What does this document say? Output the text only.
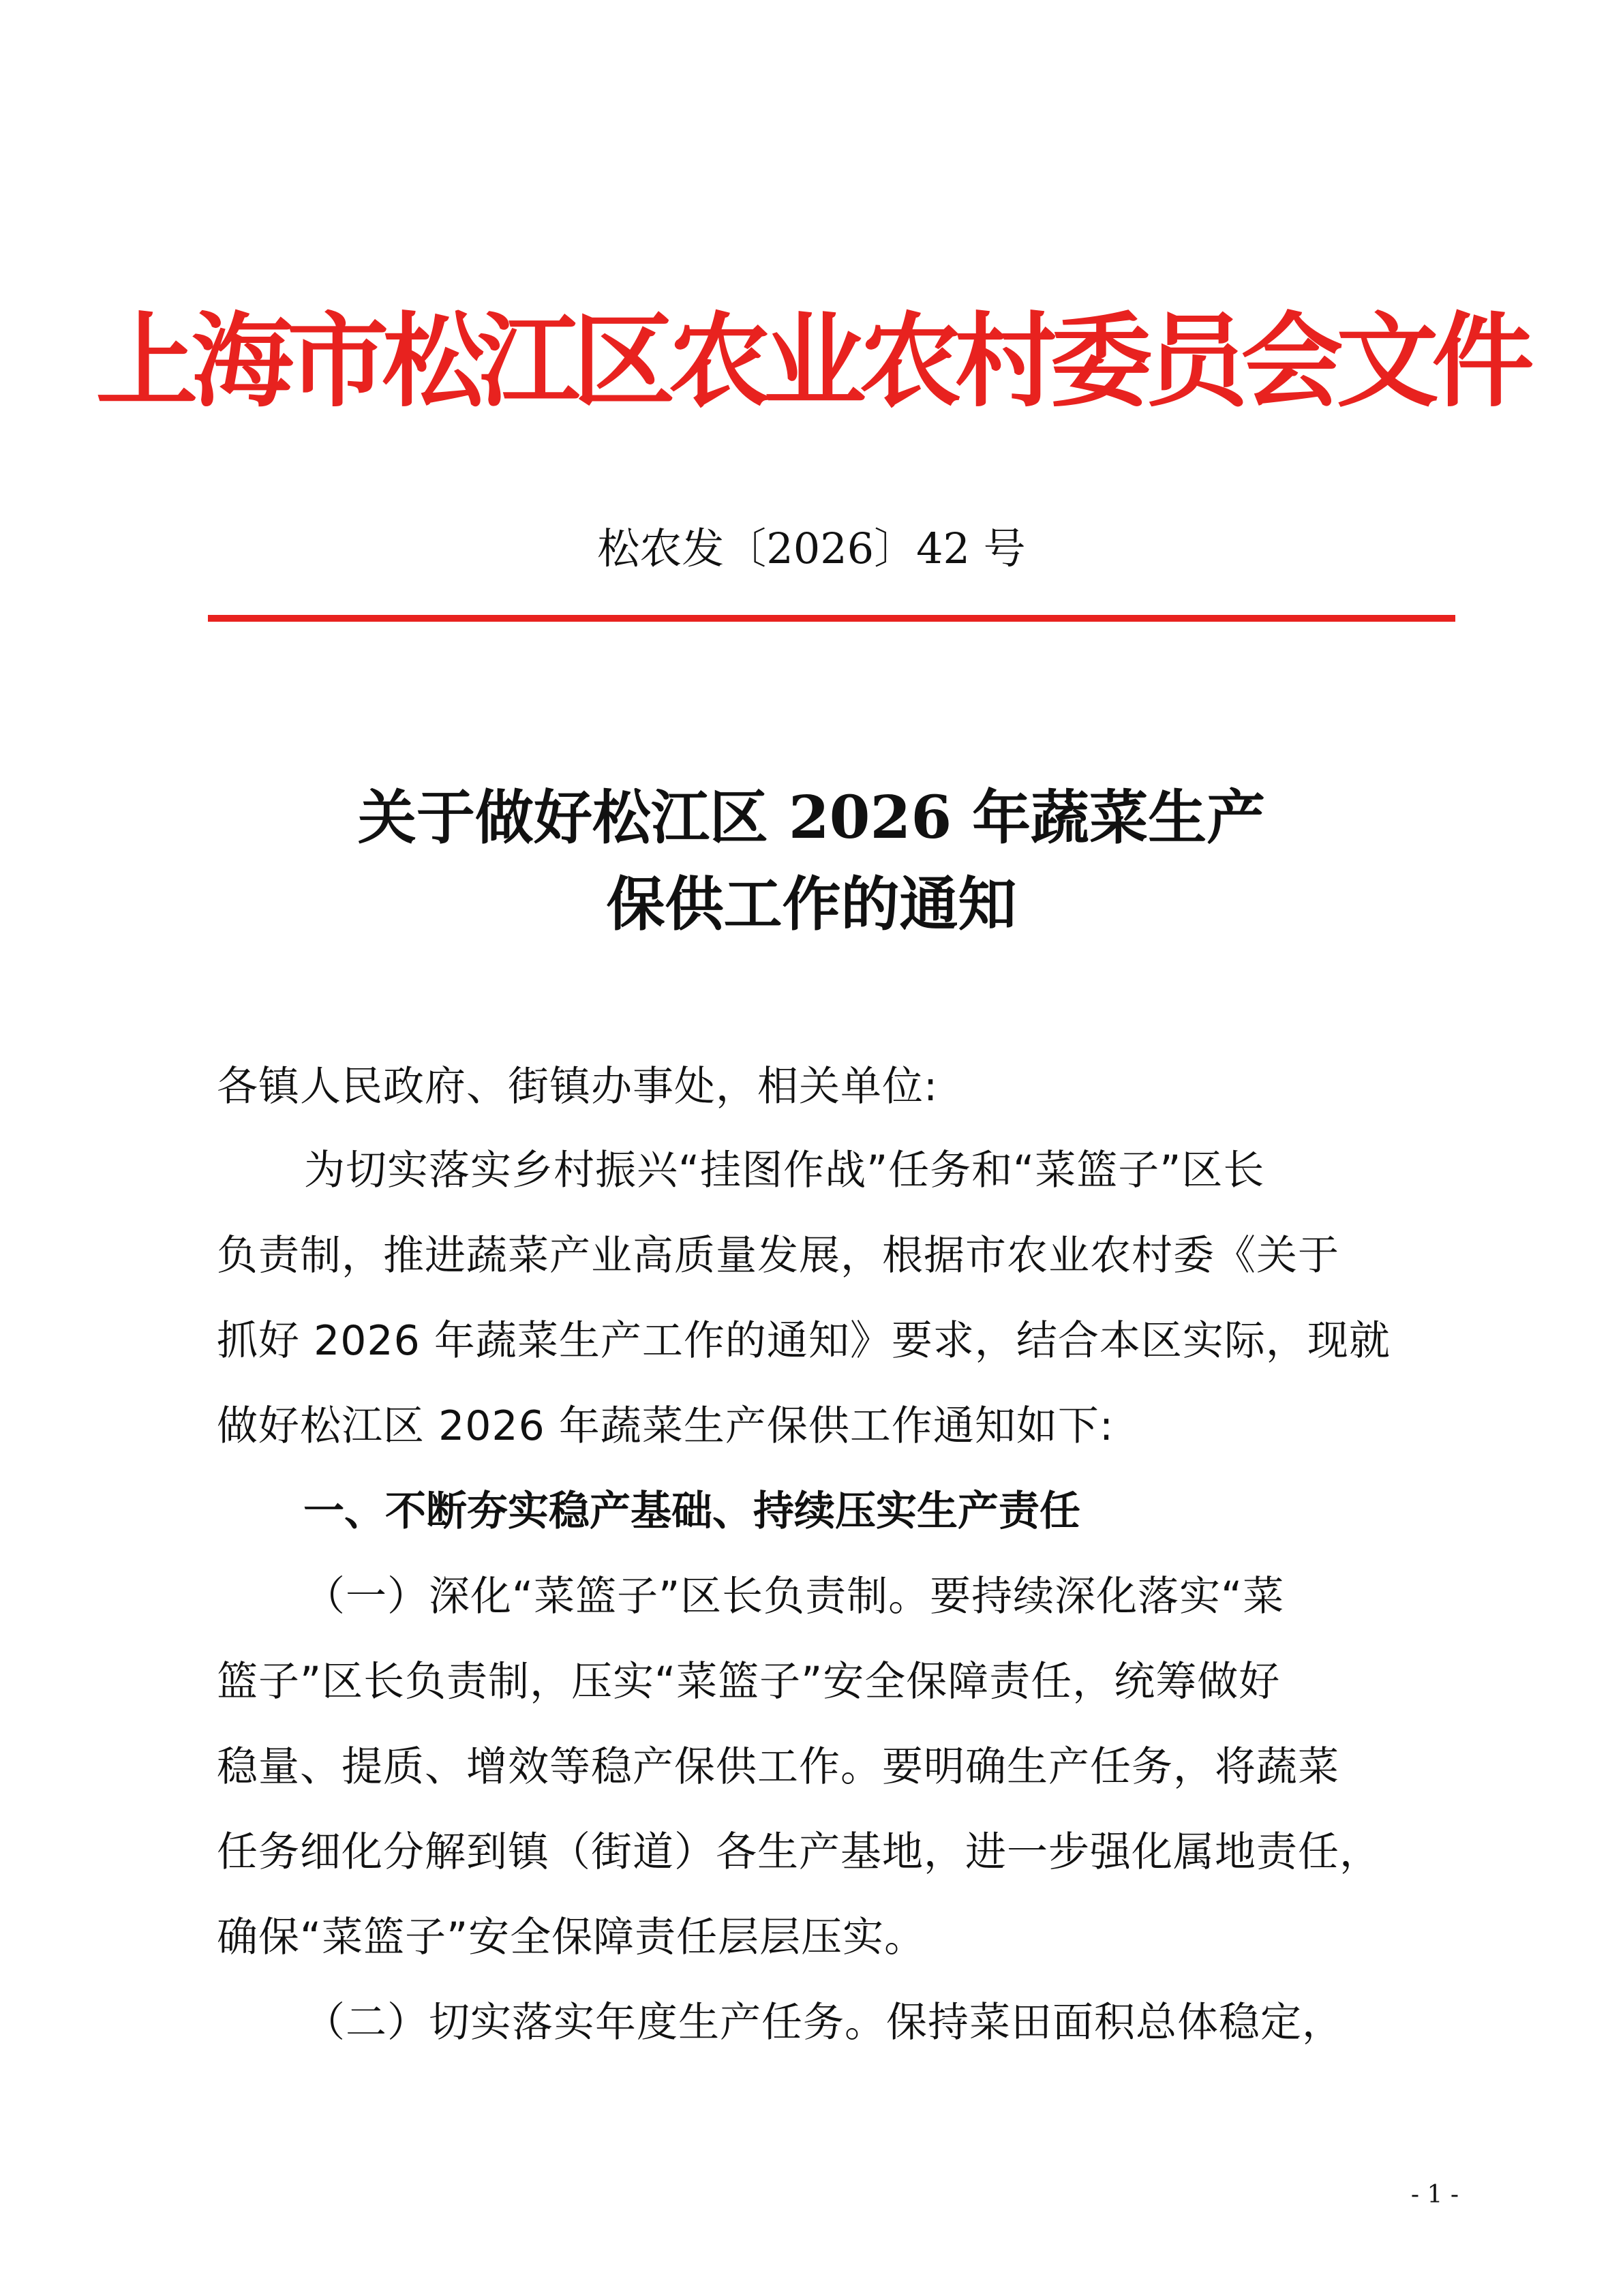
上海市松江区农业农村委员会文件
松农发〔2026〕42 号
关于做好松江区 2026 年蔬菜生产
保供工作的通知
各镇人民政府、街镇办事处，相关单位:
为切实落实乡村振兴“挂图作战”任务和“菜篮子”区长
负责制，推进蔬菜产业高质量发展，根据市农业农村委《关于
抓好 2026 年蔬菜生产工作的通知》要求，结合本区实际，现就
做好松江区 2026 年蔬菜生产保供工作通知如下:
一、不断夯实稳产基础、持续压实生产责任
（一）深化“菜篮子”区长负责制。要持续深化落实“菜
篮子”区长负责制，压实“菜篮子”安全保障责任，统筹做好
稳量、提质、增效等稳产保供工作。要明确生产任务，将蔬菜
任务细化分解到镇（街道）各生产基地，进一步强化属地责任，
确保“菜篮子”安全保障责任层层压实。
（二）切实落实年度生产任务。保持菜田面积总体稳定，
- 1 -
